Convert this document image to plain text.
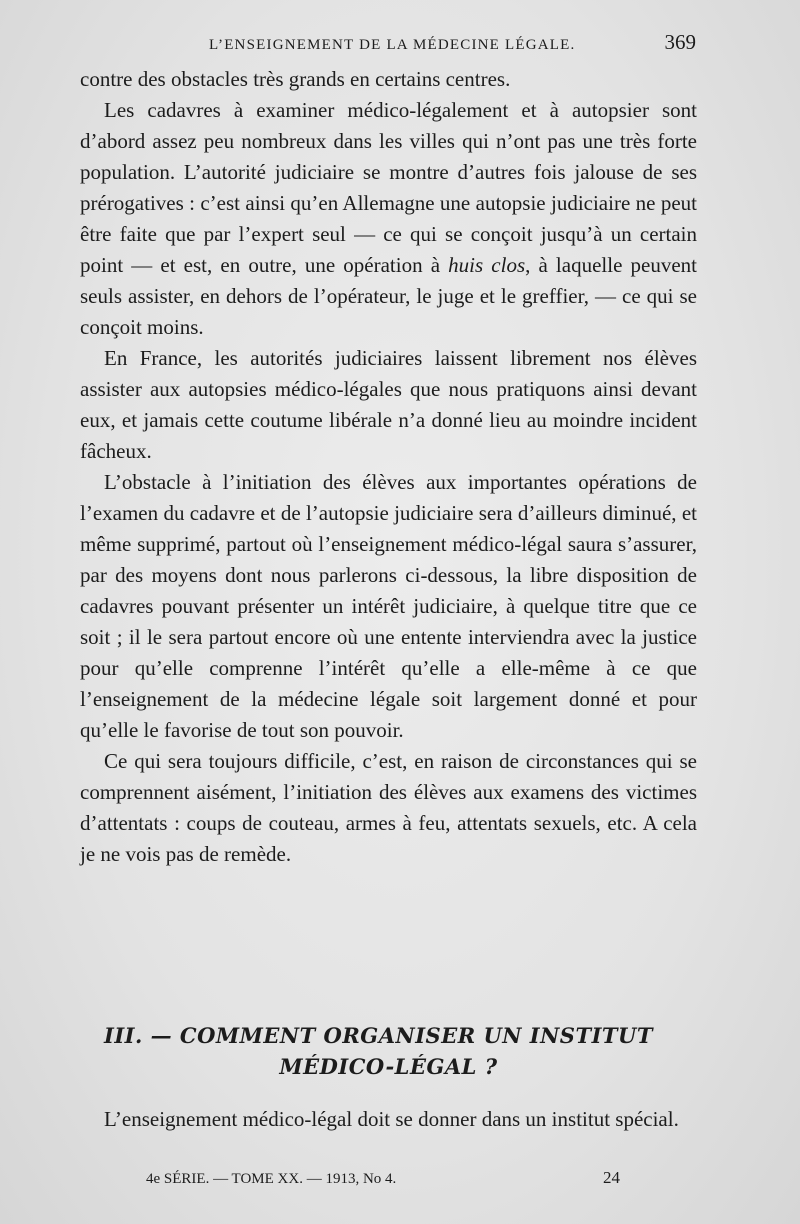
L’ENSEIGNEMENT DE LA MÉDECINE LÉGALE.	369

contre des obstacles très grands en certains centres.

Les cadavres à examiner médico-légalement et à autopsier sont d’abord assez peu nombreux dans les villes qui n’ont pas une très forte population. L’autorité judiciaire se montre d’autres fois jalouse de ses prérogatives : c’est ainsi qu’en Allemagne une autopsie judiciaire ne peut être faite que par l’expert seul — ce qui se conçoit jusqu’à un certain point — et est, en outre, une opération à huis clos, à laquelle peuvent seuls assister, en dehors de l’opérateur, le juge et le greffier, — ce qui se conçoit moins.

En France, les autorités judiciaires laissent librement nos élèves assister aux autopsies médico-légales que nous pratiquons ainsi devant eux, et jamais cette coutume libérale n’a donné lieu au moindre incident fâcheux.

L’obstacle à l’initiation des élèves aux importantes opérations de l’examen du cadavre et de l’autopsie judiciaire sera d’ailleurs diminué, et même supprimé, partout où l’enseignement médico-légal saura s’assurer, par des moyens dont nous parlerons ci-dessous, la libre disposition de cadavres pouvant présenter un intérêt judiciaire, à quelque titre que ce soit ; il le sera partout encore où une entente interviendra avec la justice pour qu’elle comprenne l’intérêt qu’elle a elle-même à ce que l’enseignement de la médecine légale soit largement donné et pour qu’elle le favorise de tout son pouvoir.

Ce qui sera toujours difficile, c’est, en raison de circonstances qui se comprennent aisément, l’initiation des élèves aux examens des victimes d’attentats : coups de couteau, armes à feu, attentats sexuels, etc. A cela je ne vois pas de remède.

III. — COMMENT ORGANISER UN INSTITUT
MÉDICO-LÉGAL ?

L’enseignement médico-légal doit se donner dans un institut spécial.

4e SÉRIE. — TOME XX. — 1913, No 4.	24
